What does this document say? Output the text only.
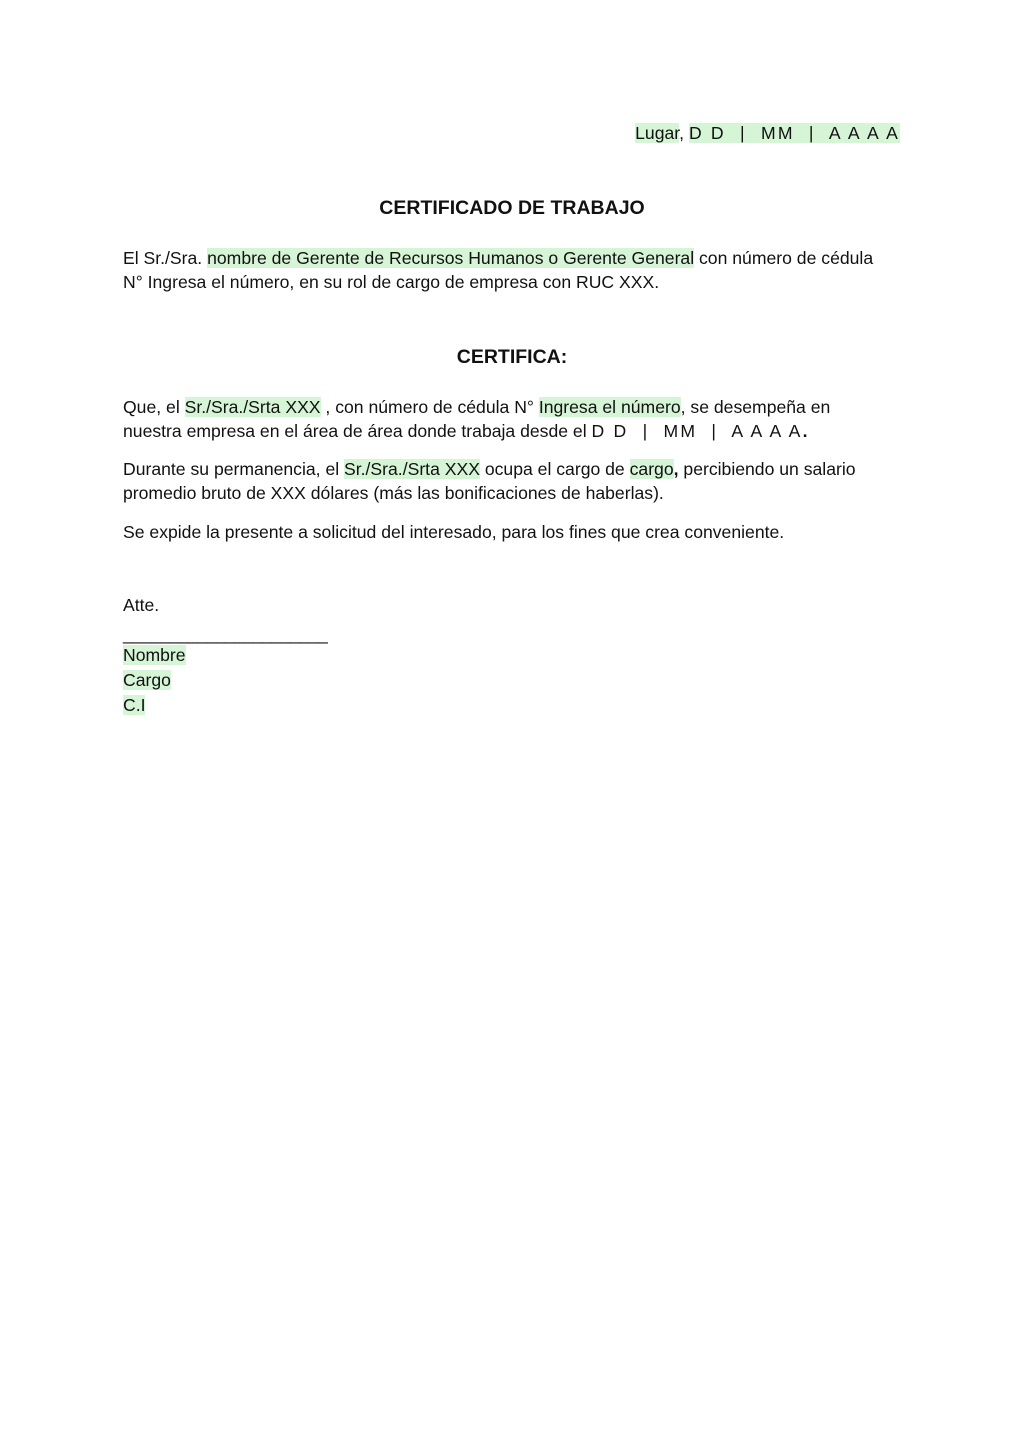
Lugar, D D  |  MM  |  A A A A
CERTIFICADO DE TRABAJO
El Sr./Sra. nombre de Gerente de Recursos Humanos o Gerente General con número de cédula
N° Ingresa el número, en su rol de cargo de empresa con RUC XXX.
CERTIFICA:
Que, el Sr./Sra./Srta XXX , con número de cédula N° Ingresa el número, se desempeña en
nuestra empresa en el área de área donde trabaja desde el D D  |  MM  |  A A A A.
Durante su permanencia, el Sr./Sra./Srta XXX ocupa el cargo de cargo, percibiendo un salario
promedio bruto de XXX dólares (más las bonificaciones de haberlas).
Se expide la presente a solicitud del interesado, para los fines que crea conveniente.
Atte.
______________________
Nombre
Cargo
C.I
